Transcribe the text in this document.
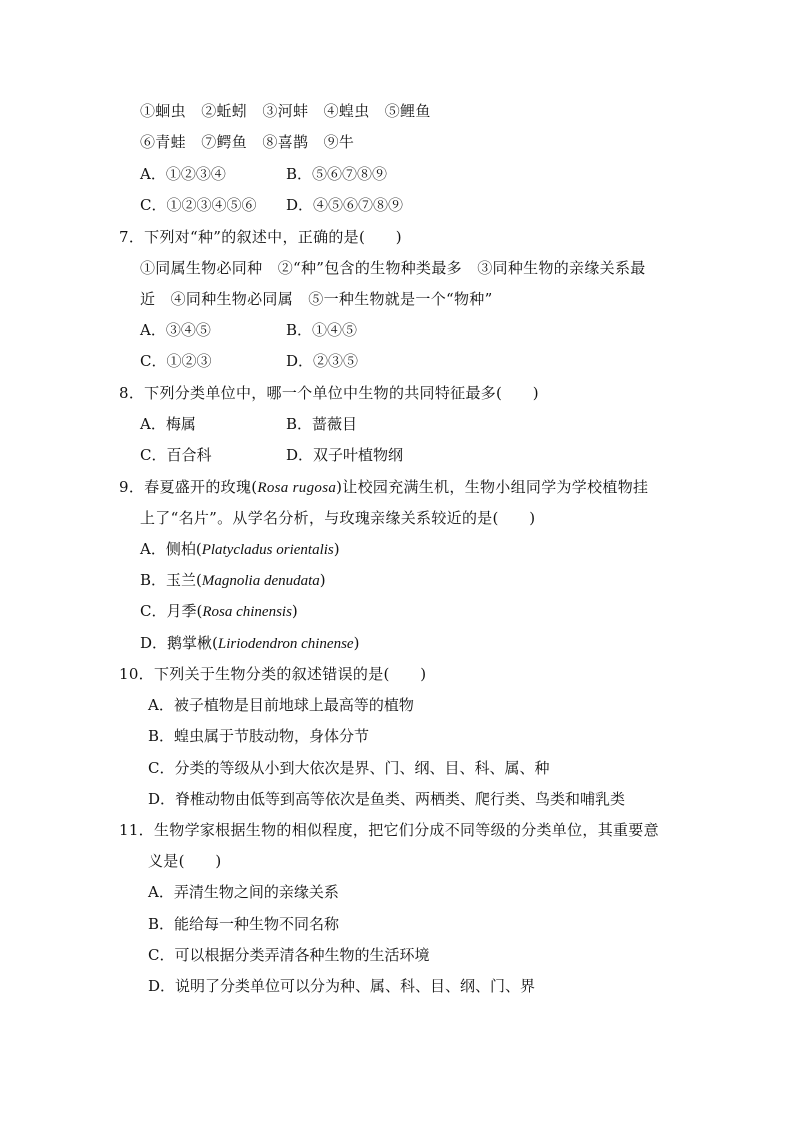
①蛔虫　②蚯蚓　③河蚌　④蝗虫　⑤鲤鱼
⑥青蛙　⑦鳄鱼　⑧喜鹊　⑨牛
A．①②③④	B．⑤⑥⑦⑧⑨
C．①②③④⑤⑥ D．④⑤⑥⑦⑧⑨
7．下列对“种”的叙述中，正确的是(　　)
①同属生物必同种　②“种”包含的生物种类最多　③同种生物的亲缘关系最
近　④同种生物必同属　⑤一种生物就是一个“物种”
A．③④⑤	B．①④⑤
C．①②③	D．②③⑤
8．下列分类单位中，哪一个单位中生物的共同特征最多(　　)
A．梅属	B．蔷薇目
C．百合科	D．双子叶植物纲
9．春夏盛开的玫瑰(Rosa rugosa)让校园充满生机，生物小组同学为学校植物挂
上了“名片”。从学名分析，与玫瑰亲缘关系较近的是(　　)
A．侧柏(Platycladus orientalis)
B．玉兰(Magnolia denudata)
C．月季(Rosa chinensis)
D．鹅掌楸(Liriodendron chinense)
10．下列关于生物分类的叙述错误的是(　　)
A．被子植物是目前地球上最高等的植物
B．蝗虫属于节肢动物，身体分节
C．分类的等级从小到大依次是界、门、纲、目、科、属、种
D．脊椎动物由低等到高等依次是鱼类、两栖类、爬行类、鸟类和哺乳类
11．生物学家根据生物的相似程度，把它们分成不同等级的分类单位，其重要意
义是(　　)
A．弄清生物之间的亲缘关系
B．能给每一种生物不同名称
C．可以根据分类弄清各种生物的生活环境
D．说明了分类单位可以分为种、属、科、目、纲、门、界
